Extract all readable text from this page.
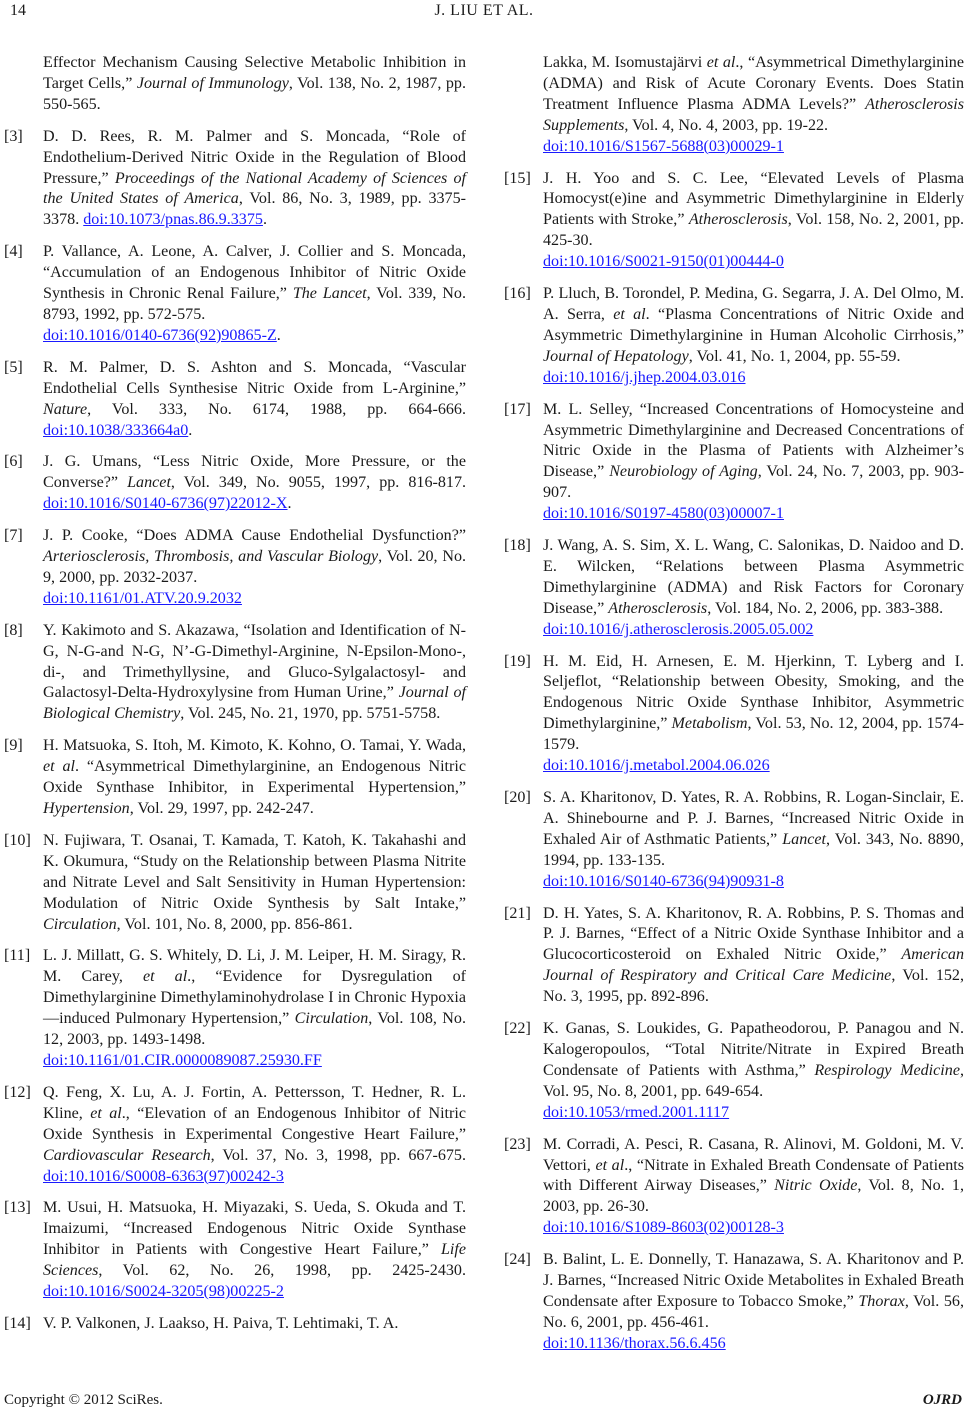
14	J. LIU ET AL.
Effector Mechanism Causing Selective Metabolic Inhibition in Target Cells,” Journal of Immunology, Vol. 138, No. 2, 1987, pp. 550-565.
[3] D. D. Rees, R. M. Palmer and S. Moncada, “Role of Endothelium-Derived Nitric Oxide in the Regulation of Blood Pressure,” Proceedings of the National Academy of Sciences of the United States of America, Vol. 86, No. 3, 1989, pp. 3375-3378. doi:10.1073/pnas.86.9.3375.
[4] P. Vallance, A. Leone, A. Calver, J. Collier and S. Moncada, “Accumulation of an Endogenous Inhibitor of Nitric Oxide Synthesis in Chronic Renal Failure,” The Lancet, Vol. 339, No. 8793, 1992, pp. 572-575.
doi:10.1016/0140-6736(92)90865-Z.
[5] R. M. Palmer, D. S. Ashton and S. Moncada, “Vascular Endothelial Cells Synthesise Nitric Oxide from L-Arginine,” Nature, Vol. 333, No. 6174, 1988, pp. 664-666. doi:10.1038/333664a0.
[6] J. G. Umans, “Less Nitric Oxide, More Pressure, or the Converse?” Lancet, Vol. 349, No. 9055, 1997, pp. 816-817. doi:10.1016/S0140-6736(97)22012-X.
[7] J. P. Cooke, “Does ADMA Cause Endothelial Dysfunction?” Arteriosclerosis, Thrombosis, and Vascular Biology, Vol. 20, No. 9, 2000, pp. 2032-2037.
doi:10.1161/01.ATV.20.9.2032
[8] Y. Kakimoto and S. Akazawa, “Isolation and Identification of N-G, N-G-and N-G, N’-G-Dimethyl-Arginine, N-Epsilon-Mono-, di-, and Trimethyllysine, and Gluco-Sylgalactosyl- and Galactosyl-Delta-Hydroxylysine from Human Urine,” Journal of Biological Chemistry, Vol. 245, No. 21, 1970, pp. 5751-5758.
[9] H. Matsuoka, S. Itoh, M. Kimoto, K. Kohno, O. Tamai, Y. Wada, et al. “Asymmetrical Dimethylarginine, an Endogenous Nitric Oxide Synthase Inhibitor, in Experimental Hypertension,” Hypertension, Vol. 29, 1997, pp. 242-247.
[10] N. Fujiwara, T. Osanai, T. Kamada, T. Katoh, K. Takahashi and K. Okumura, “Study on the Relationship between Plasma Nitrite and Nitrate Level and Salt Sensitivity in Human Hypertension: Modulation of Nitric Oxide Synthesis by Salt Intake,” Circulation, Vol. 101, No. 8, 2000, pp. 856-861.
[11] L. J. Millatt, G. S. Whitely, D. Li, J. M. Leiper, H. M. Siragy, R. M. Carey, et al., “Evidence for Dysregulation of Dimethylarginine Dimethylaminohydrolase I in Chronic Hypoxia—induced Pulmonary Hypertension,” Circulation, Vol. 108, No. 12, 2003, pp. 1493-1498.
doi:10.1161/01.CIR.0000089087.25930.FF
[12] Q. Feng, X. Lu, A. J. Fortin, A. Pettersson, T. Hedner, R. L. Kline, et al., “Elevation of an Endogenous Inhibitor of Nitric Oxide Synthesis in Experimental Congestive Heart Failure,” Cardiovascular Research, Vol. 37, No. 3, 1998, pp. 667-675. doi:10.1016/S0008-6363(97)00242-3
[13] M. Usui, H. Matsuoka, H. Miyazaki, S. Ueda, S. Okuda and T. Imaizumi, “Increased Endogenous Nitric Oxide Synthase Inhibitor in Patients with Congestive Heart Failure,” Life Sciences, Vol. 62, No. 26, 1998, pp. 2425-2430. doi:10.1016/S0024-3205(98)00225-2
[14] V. P. Valkonen, J. Laakso, H. Paiva, T. Lehtimaki, T. A.
Lakka, M. Isomustajärvi et al., “Asymmetrical Dimethylarginine (ADMA) and Risk of Acute Coronary Events. Does Statin Treatment Influence Plasma ADMA Levels?” Atherosclerosis Supplements, Vol. 4, No. 4, 2003, pp. 19-22.
doi:10.1016/S1567-5688(03)00029-1
[15] J. H. Yoo and S. C. Lee, “Elevated Levels of Plasma Homocyst(e)ine and Asymmetric Dimethylarginine in Elderly Patients with Stroke,” Atherosclerosis, Vol. 158, No. 2, 2001, pp. 425-30.
doi:10.1016/S0021-9150(01)00444-0
[16] P. Lluch, B. Torondel, P. Medina, G. Segarra, J. A. Del Olmo, M. A. Serra, et al. “Plasma Concentrations of Nitric Oxide and Asymmetric Dimethylarginine in Human Alcoholic Cirrhosis,” Journal of Hepatology, Vol. 41, No. 1, 2004, pp. 55-59.
doi:10.1016/j.jhep.2004.03.016
[17] M. L. Selley, “Increased Concentrations of Homocysteine and Asymmetric Dimethylarginine and Decreased Concentrations of Nitric Oxide in the Plasma of Patients with Alzheimer’s Disease,” Neurobiology of Aging, Vol. 24, No. 7, 2003, pp. 903-907.
doi:10.1016/S0197-4580(03)00007-1
[18] J. Wang, A. S. Sim, X. L. Wang, C. Salonikas, D. Naidoo and D. E. Wilcken, “Relations between Plasma Asymmetric Dimethylarginine (ADMA) and Risk Factors for Coronary Disease,” Atherosclerosis, Vol. 184, No. 2, 2006, pp. 383-388.
doi:10.1016/j.atherosclerosis.2005.05.002
[19] H. M. Eid, H. Arnesen, E. M. Hjerkinn, T. Lyberg and I. Seljeflot, “Relationship between Obesity, Smoking, and the Endogenous Nitric Oxide Synthase Inhibitor, Asymmetric Dimethylarginine,” Metabolism, Vol. 53, No. 12, 2004, pp. 1574-1579.
doi:10.1016/j.metabol.2004.06.026
[20] S. A. Kharitonov, D. Yates, R. A. Robbins, R. Logan-Sinclair, E. A. Shinebourne and P. J. Barnes, “Increased Nitric Oxide in Exhaled Air of Asthmatic Patients,” Lancet, Vol. 343, No. 8890, 1994, pp. 133-135.
doi:10.1016/S0140-6736(94)90931-8
[21] D. H. Yates, S. A. Kharitonov, R. A. Robbins, P. S. Thomas and P. J. Barnes, “Effect of a Nitric Oxide Synthase Inhibitor and a Glucocorticosteroid on Exhaled Nitric Oxide,” American Journal of Respiratory and Critical Care Medicine, Vol. 152, No. 3, 1995, pp. 892-896.
[22] K. Ganas, S. Loukides, G. Papatheodorou, P. Panagou and N. Kalogeropoulos, “Total Nitrite/Nitrate in Expired Breath Condensate of Patients with Asthma,” Respirology Medicine, Vol. 95, No. 8, 2001, pp. 649-654.
doi:10.1053/rmed.2001.1117
[23] M. Corradi, A. Pesci, R. Casana, R. Alinovi, M. Goldoni, M. V. Vettori, et al., “Nitrate in Exhaled Breath Condensate of Patients with Different Airway Diseases,” Nitric Oxide, Vol. 8, No. 1, 2003, pp. 26-30.
doi:10.1016/S1089-8603(02)00128-3
[24] B. Balint, L. E. Donnelly, T. Hanazawa, S. A. Kharitonov and P. J. Barnes, “Increased Nitric Oxide Metabolites in Exhaled Breath Condensate after Exposure to Tobacco Smoke,” Thorax, Vol. 56, No. 6, 2001, pp. 456-461.
doi:10.1136/thorax.56.6.456
Copyright © 2012 SciRes.	OJRD
